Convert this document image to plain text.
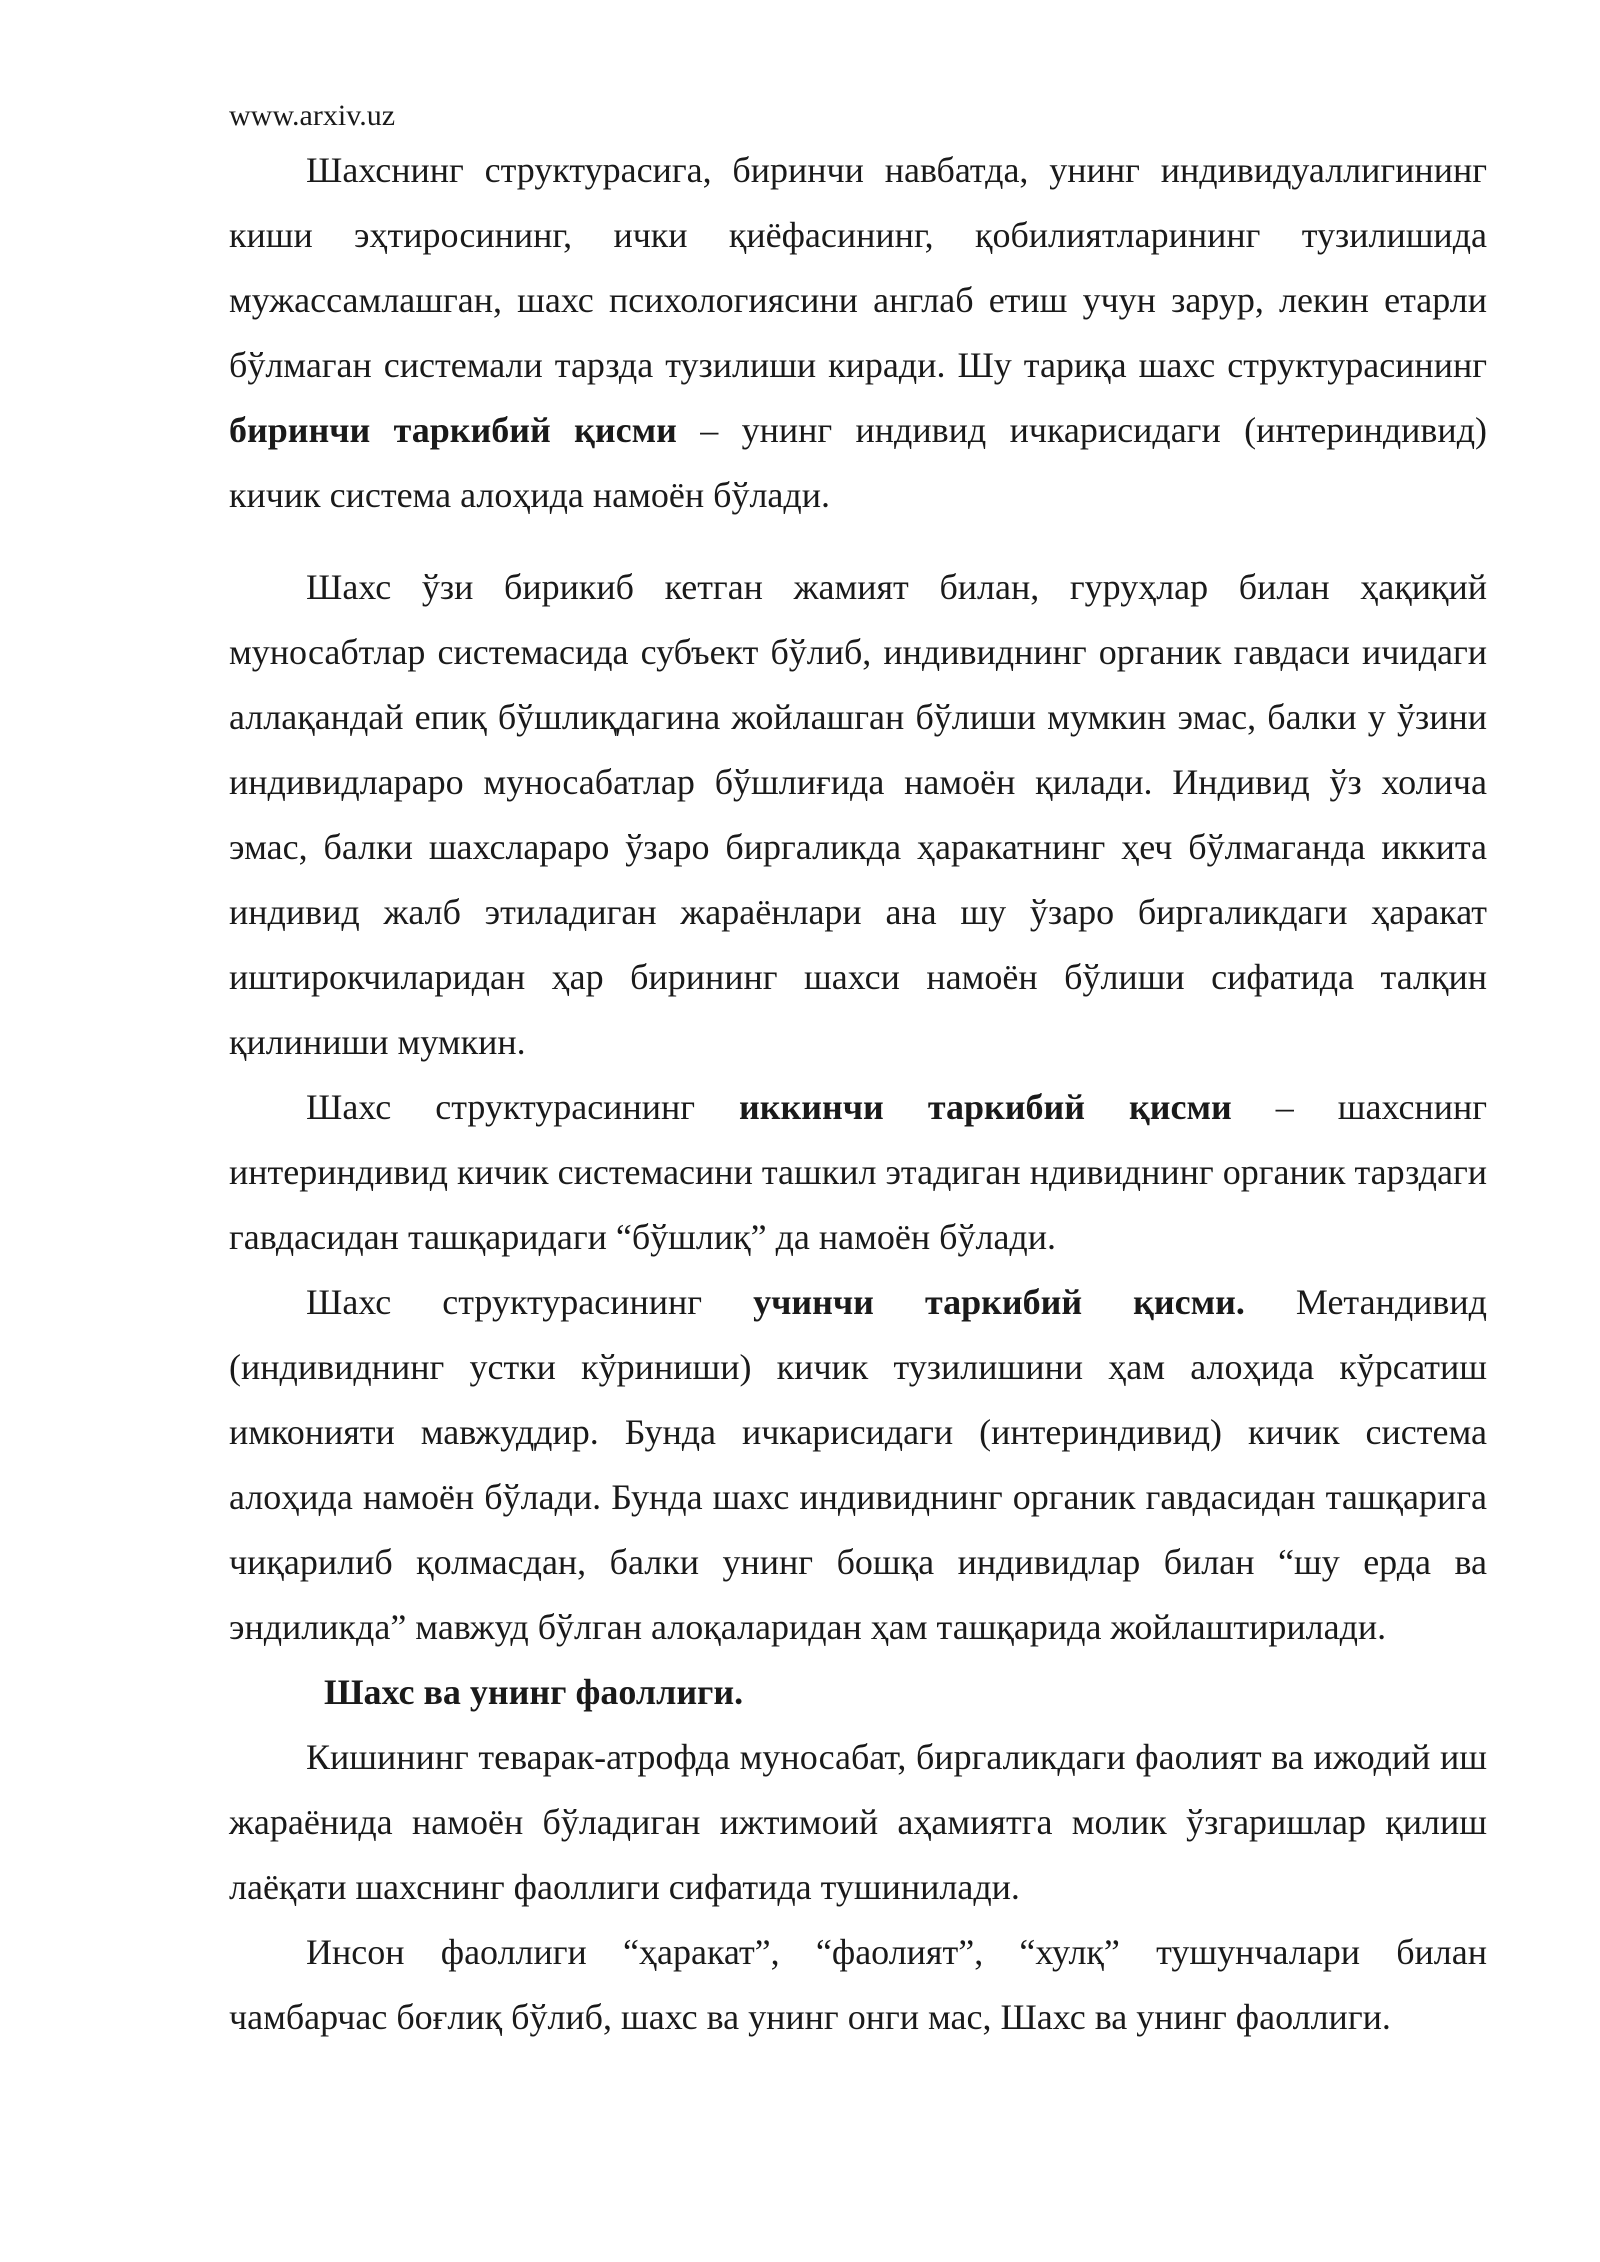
www.arxiv.uz

Шахснинг структурасига, биринчи навбатда, унинг индивидуаллигининг киши эҳтиросининг, ички қиёфасининг, қобилиятларининг тузилишида мужассамлашган, шахс психологиясини англаб етиш учун зарур, лекин етарли бўлмаган системали тарзда тузилиши киради. Шу тариқа шахс структурасининг биринчи таркибий қисми – унинг индивид ичкарисидаги (интериндивид) кичик система алоҳида намоён бўлади.

Шахс ўзи бирикиб кетган жамият билан, гуруҳлар билан ҳақиқий муносабтлар системасида субъект бўлиб, индивиднинг органик гавдаси ичидаги аллақандай епиқ бўшлиқдагина жойлашган бўлиши мумкин эмас, балки у ўзини индивидлараро муносабатлар бўшлиғида намоён қилади. Индивид ўз холича эмас, балки шахслараро ўзаро биргаликда ҳаракатнинг ҳеч бўлмаганда иккита индивид жалб этиладиган жараёнлари ана шу ўзаро биргаликдаги ҳаракат иштирокчиларидан ҳар бирининг шахси намоён бўлиши сифатида талқин қилиниши мумкин.

Шахс структурасининг иккинчи таркибий қисми – шахснинг интериндивид кичик системасини ташкил этадиган ндивиднинг органик тарздаги гавдасидан ташқаридаги “бўшлиқ” да намоён бўлади.

Шахс структурасининг учинчи таркибий қисми. Метандивид (индивиднинг устки кўриниши) кичик тузилишини ҳам алоҳида кўрсатиш имконияти мавжуддир. Бунда ичкарисидаги (интериндивид) кичик система алоҳида намоён бўлади. Бунда шахс индивиднинг органик гавдасидан ташқарига чиқарилиб қолмасдан, балки унинг бошқа индивидлар билан “шу ерда ва эндиликда” мавжуд бўлган алоқаларидан ҳам ташқарида жойлаштирилади.

Шахс ва унинг фаоллиги.

Кишининг теварак-атрофда муносабат, биргаликдаги фаолият ва ижодий иш жараёнида намоён бўладиган ижтимоий аҳамиятга молик ўзгаришлар қилиш лаёқати шахснинг фаоллиги сифатида тушинилади.

Инсон фаоллиги “ҳаракат”, “фаолият”, “хулқ” тушунчалари билан чамбарчас боғлиқ бўлиб, шахс ва унинг онги мас, Шахс ва унинг фаоллиги.
